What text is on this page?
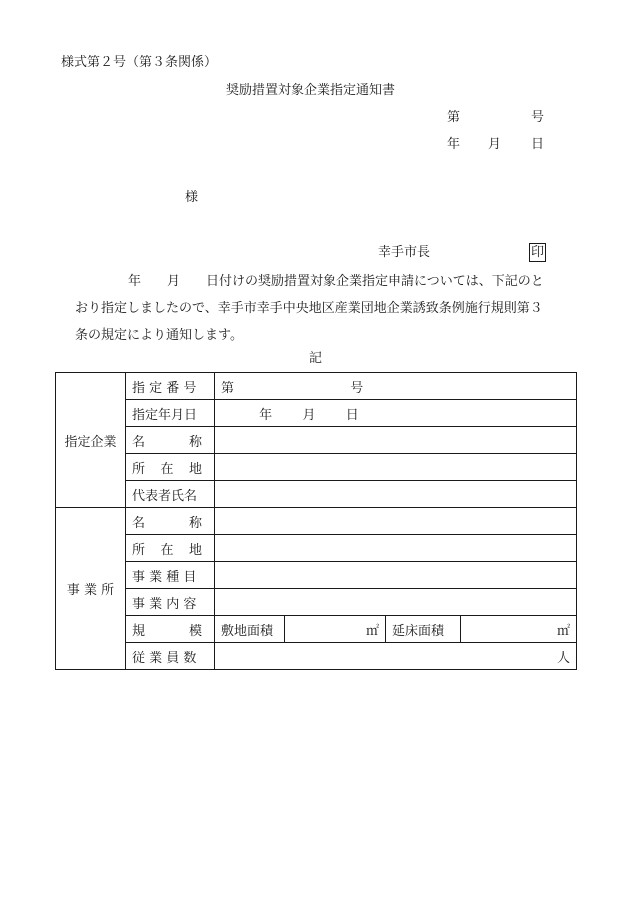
様式第２号（第３条関係）
奨励措置対象企業指定通知書
第	号
年 月 日
様
幸手市長	印
年　　月　　日付けの奨励措置対象企業指定申請については、下記のと
おり指定しましたので、幸手市幸手中央地区産業団地企業誘致条例施行規則第３
条の規定により通知します。
記
指定企業	指 定 番 号	第 号			
	指定年月日	年 月 日			

	名 称				

	所 在 地				

	代表者氏名				
事 業 所	名 称				

	所 在 地				

	事 業 種 目				
	事 業 内 容				

	規 模	敷地面積	㎡	延床面積	㎡
	従 業 員 数	人			
